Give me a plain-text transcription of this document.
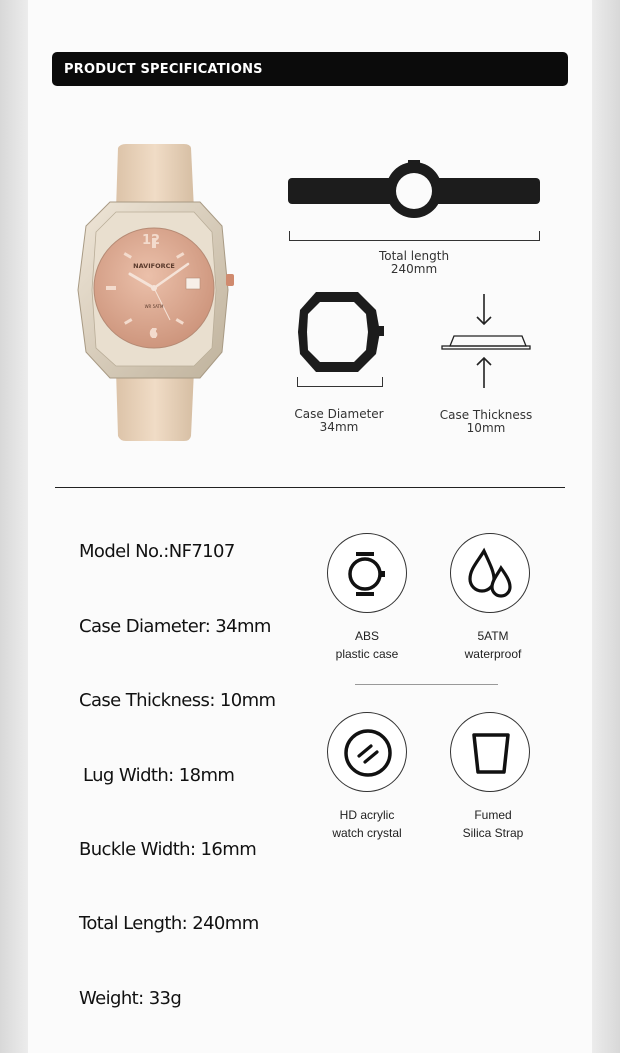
PRODUCT SPECIFICATIONS
12
6
NAVIFORCE
WR 5ATM
Total length
240mm
Case Diameter
34mm
Case Thickness
10mm
Model No.:NF7107
Case Diameter: 34mm
Case Thickness: 10mm
Lug Width: 18mm
Buckle Width: 16mm
Total Length: 240mm
Weight: 33g
ABS
plastic case
5ATM
waterproof
HD acrylic
watch crystal
Fumed
Silica Strap
